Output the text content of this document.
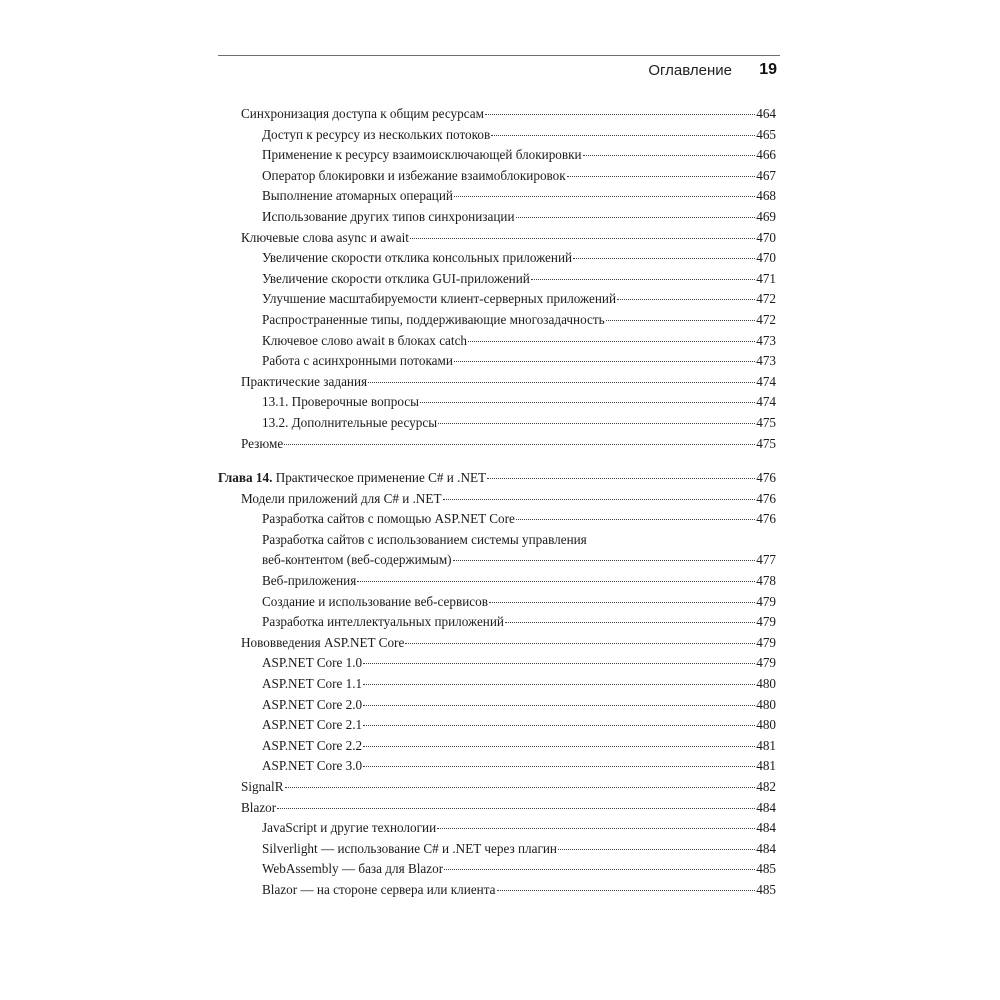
Оглавление 19
Синхронизация доступа к общим ресурсам	464
Доступ к ресурсу из нескольких потоков	465
Применение к ресурсу взаимоисключающей блокировки	466
Оператор блокировки и избежание взаимоблокировок	467
Выполнение атомарных операций	468
Использование других типов синхронизации	469
Ключевые слова async и await	470
Увеличение скорости отклика консольных приложений	470
Увеличение скорости отклика GUI-приложений	471
Улучшение масштабируемости клиент-серверных приложений	472
Распространенные типы, поддерживающие многозадачность	472
Ключевое слово await в блоках catch	473
Работа с асинхронными потоками	473
Практические задания	474
13.1. Проверочные вопросы	474
13.2. Дополнительные ресурсы	475
Резюме	475
Глава 14. Практическое применение C# и .NET	476
Модели приложений для C# и .NET	476
Разработка сайтов с помощью ASP.NET Core	476
Разработка сайтов с использованием системы управления
веб-контентом (веб-содержимым)	477
Веб-приложения	478
Создание и использование веб-сервисов	479
Разработка интеллектуальных приложений	479
Нововведения ASP.NET Core	479
ASP.NET Core 1.0	479
ASP.NET Core 1.1	480
ASP.NET Core 2.0	480
ASP.NET Core 2.1	480
ASP.NET Core 2.2	481
ASP.NET Core 3.0	481
SignalR	482
Blazor	484
JavaScript и другие технологии	484
Silverlight — использование C# и .NET через плагин	484
WebAssembly — база для Blazor	485
Blazor — на стороне сервера или клиента	485
